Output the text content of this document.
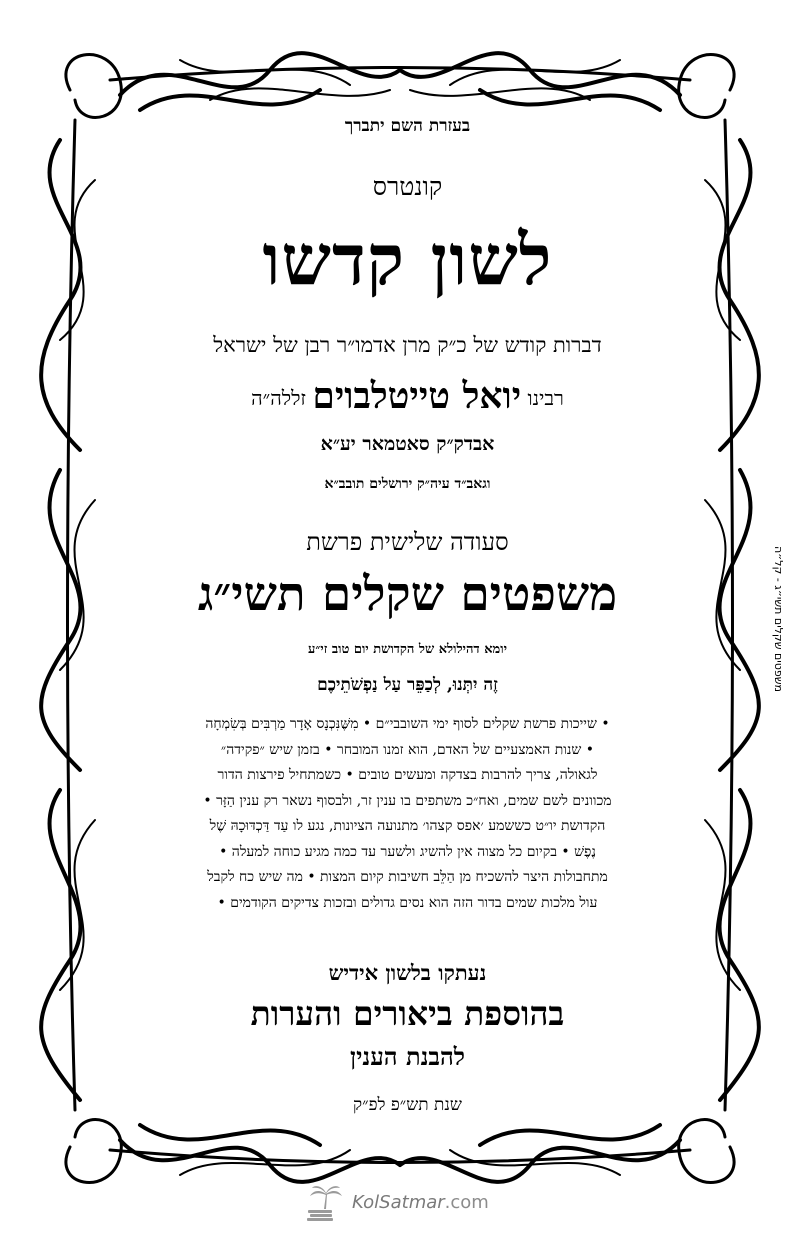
בעזרת השם יתברך
קונטרס
לשון קדשו
דברות קודש של כ״ק מרן אדמו״ר רבן של ישראל
רבינו יואל טייטלבוים זללה״ה
אבדק״ק סאטמאר יע״א
וגאב״ד עיה״ק ירושלים תובב״א
סעודה שלישית פרשת
משפטים שקלים תשי״ג
יומא דהילולא של הקדושת יום טוב זי״ע
זֶה יִתְּנוּ, לְכַפֵּר עַל נַפְשֹׁתֵיכֶם
נעתקו בלשון אידיש
בהוספת ביאורים והערות
להבנת הענין
שנת תש״פ לפ״ק
• שייכות פרשת שקלים לסוף ימי השובבי״ם • מִשֶּׁנִּכְנָס אָדָר מַרְבִּים בְּשִׂמְחָה
• שנות האמצעיים של האדם, הוא זמנו המובחר • בזמן שיש ״פקידה״
לגאולה, צריך להרבות בצדקה ומעשים טובים • כשמתחיל פירצות הדור
מכוונים לשם שמים, ואח״כ משתפים בו ענין זר, ולבסוף נשאר רק ענין הַזָּר •
הקדושת יו״ט כששמע ׳אפס קצהו׳ מתנועה הציונות, נגע לו עַד דַּכְדּוּכָהּ שֶׁל
נֶפֶשׁ • בקיום כל מצוה אין להשיג ולשער עד כמה מגיע כוחה למעלה •
מתחבולות היצר להשכיח מן הַלֵּב חשיבות קיום המצות • מה שיש כח לקבל
עול מלכות שמים בדור הזה הוא נסים גדולים ובזכות צדיקים הקודמים •
משפטים שקלים תשי״ג - קל״ה
KolSatmar.com
